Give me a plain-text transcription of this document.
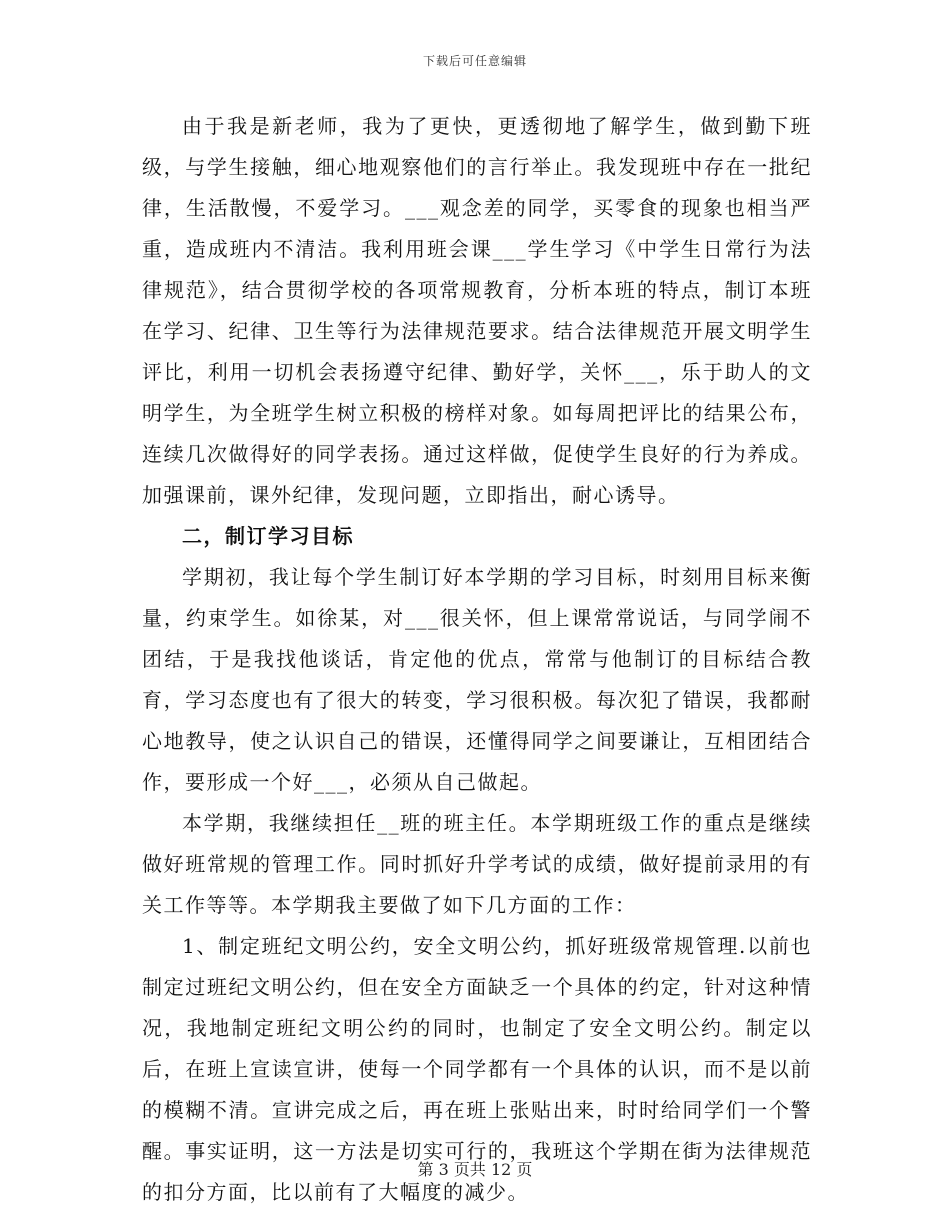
下载后可任意编辑

由于我是新老师，我为了更快，更透彻地了解学生，做到勤下班级，与学生接触，细心地观察他们的言行举止。我发现班中存在一批纪律，生活散慢，不爱学习。___观念差的同学，买零食的现象也相当严重，造成班内不清洁。我利用班会课___学生学习《中学生日常行为法律规范》，结合贯彻学校的各项常规教育，分析本班的特点，制订本班在学习、纪律、卫生等行为法律规范要求。结合法律规范开展文明学生评比，利用一切机会表扬遵守纪律、勤好学，关怀___，乐于助人的文明学生，为全班学生树立积极的榜样对象。如每周把评比的结果公布，连续几次做得好的同学表扬。通过这样做，促使学生良好的行为养成。加强课前，课外纪律，发现问题，立即指出，耐心诱导。

二，制订学习目标

学期初，我让每个学生制订好本学期的学习目标，时刻用目标来衡量，约束学生。如徐某，对___很关怀，但上课常常说话，与同学闹不团结，于是我找他谈话，肯定他的优点，常常与他制订的目标结合教育，学习态度也有了很大的转变，学习很积极。每次犯了错误，我都耐心地教导，使之认识自己的错误，还懂得同学之间要谦让，互相团结合作，要形成一个好___，必须从自己做起。

本学期，我继续担任__班的班主任。本学期班级工作的重点是继续做好班常规的管理工作。同时抓好升学考试的成绩，做好提前录用的有关工作等等。本学期我主要做了如下几方面的工作：

1、制定班纪文明公约，安全文明公约，抓好班级常规管理.以前也制定过班纪文明公约，但在安全方面缺乏一个具体的约定，针对这种情况，我地制定班纪文明公约的同时，也制定了安全文明公约。制定以后，在班上宣读宣讲，使每一个同学都有一个具体的认识，而不是以前的模糊不清。宣讲完成之后，再在班上张贴出来，时时给同学们一个警醒。事实证明，这一方法是切实可行的，我班这个学期在街为法律规范的扣分方面，比以前有了大幅度的减少。

第 3 页共 12 页
